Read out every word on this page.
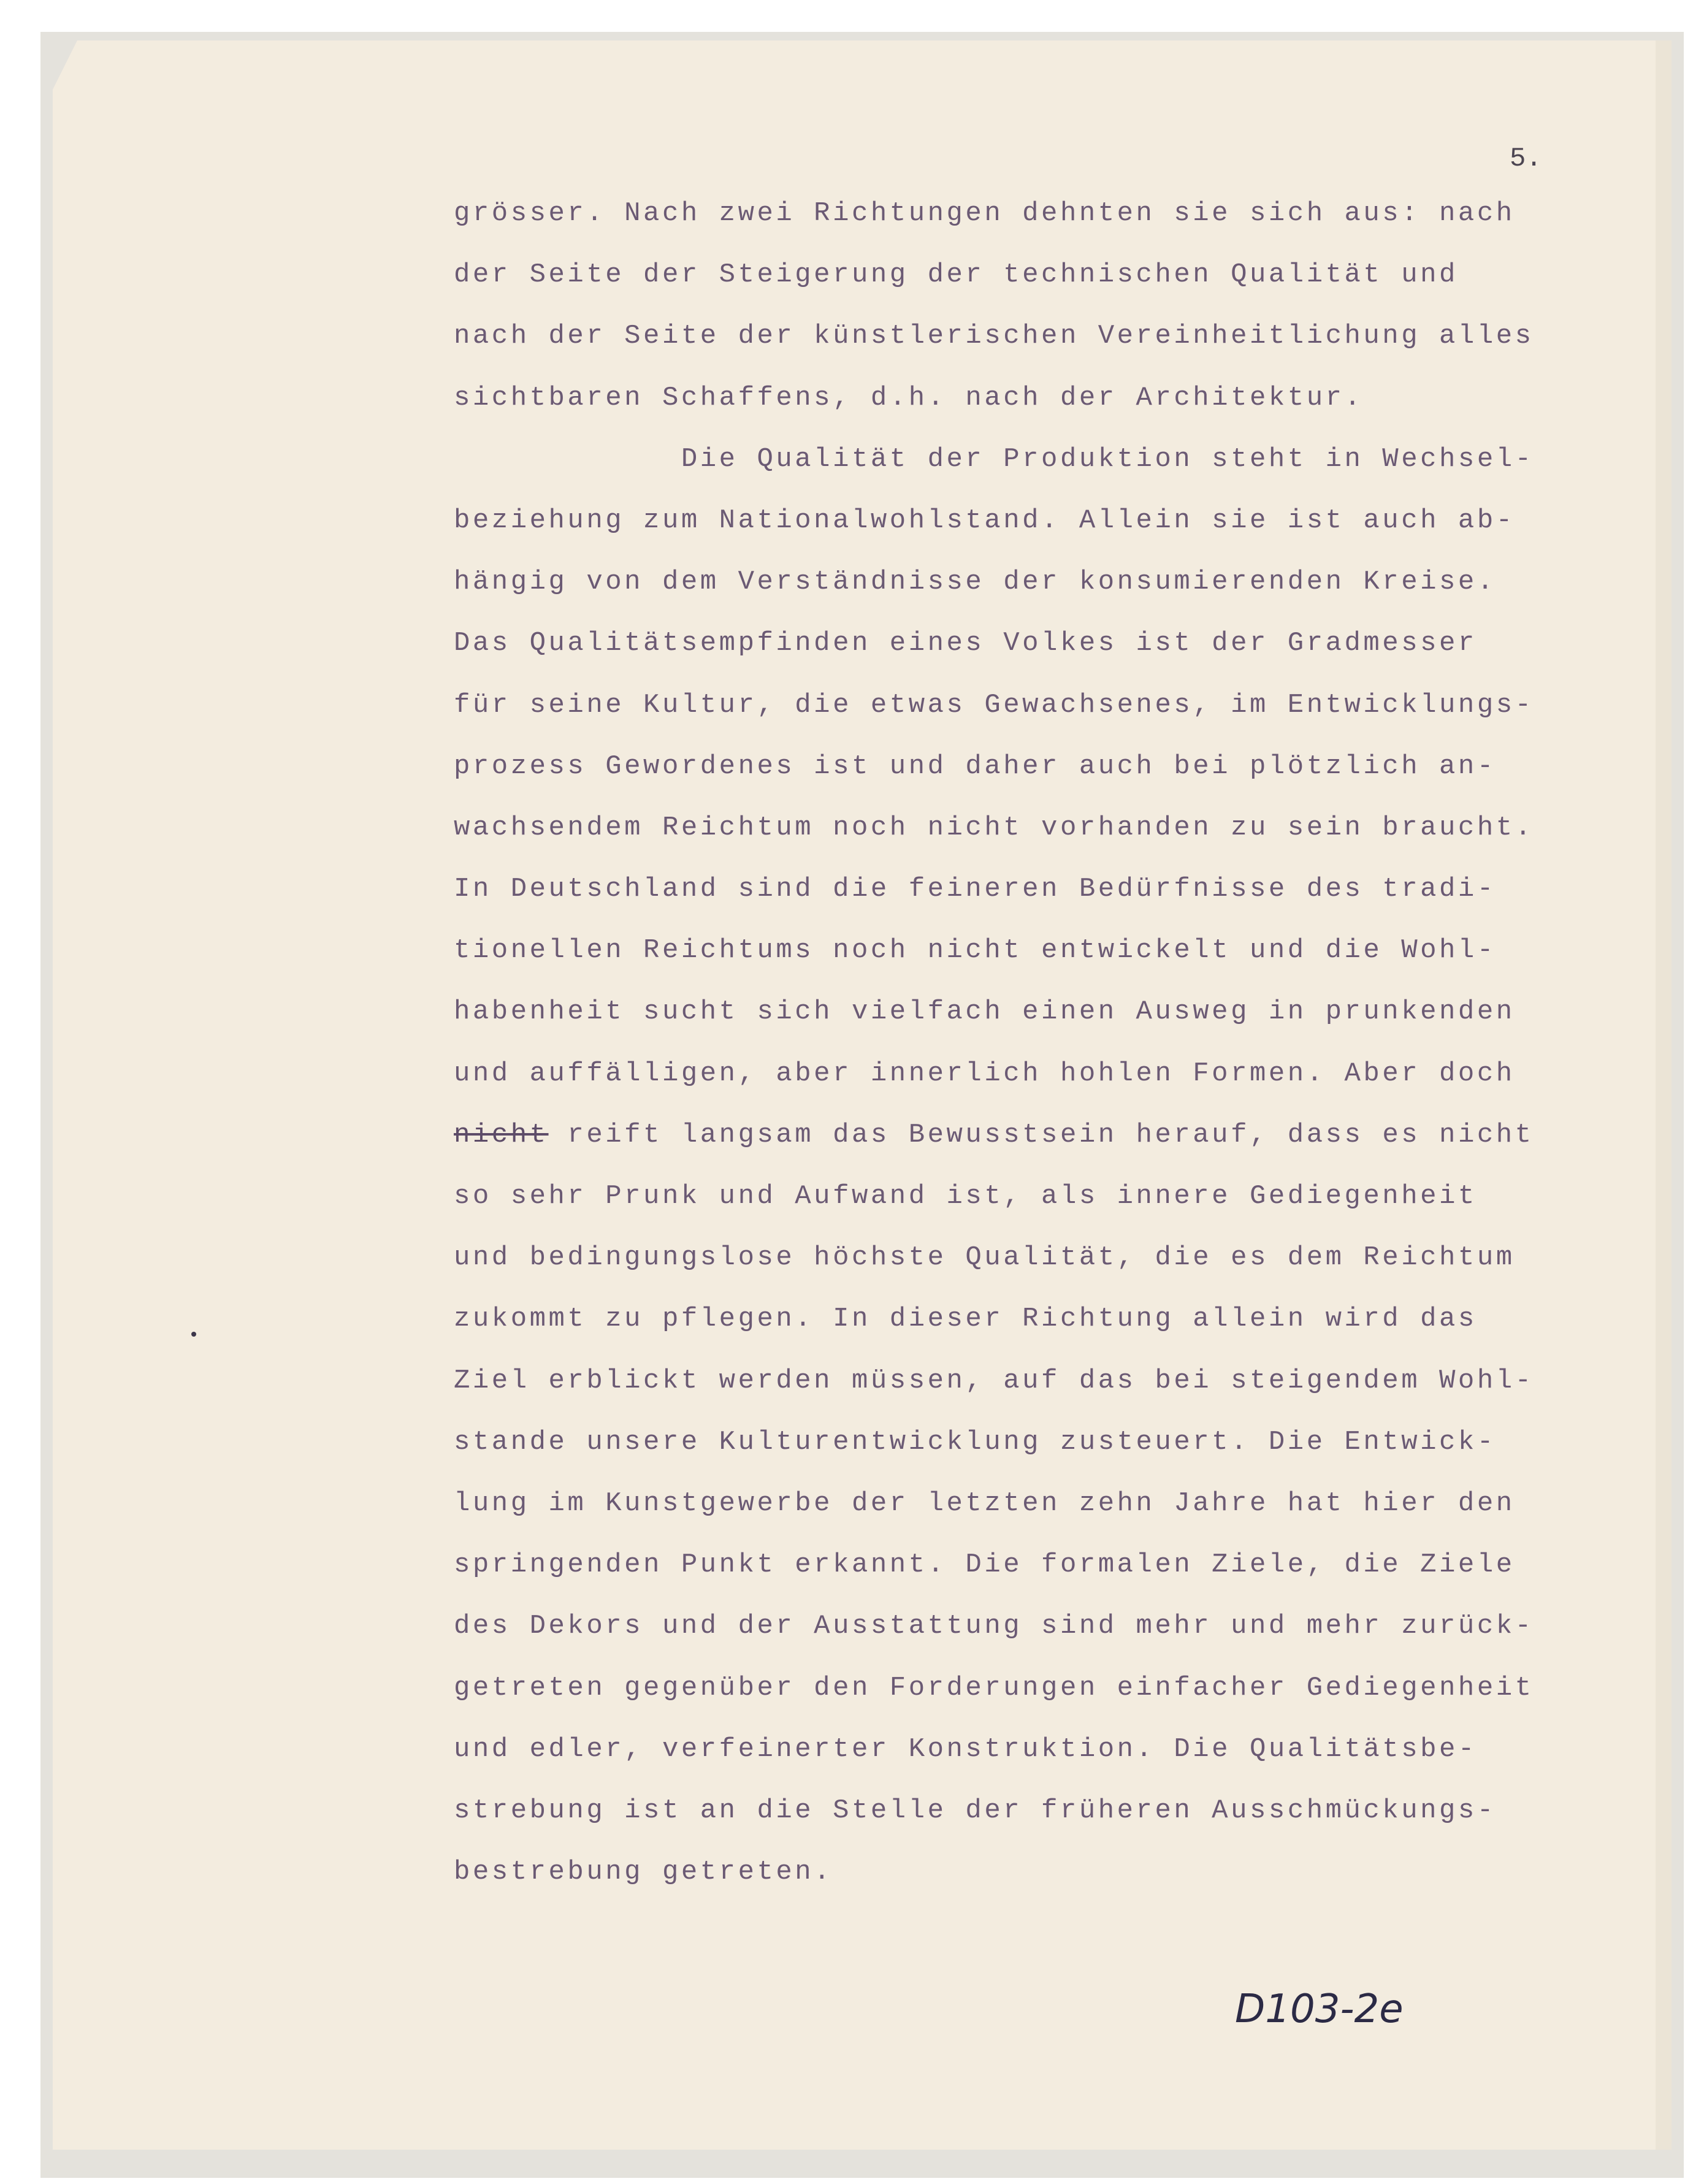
5.
grösser. Nach zwei Richtungen dehnten sie sich aus: nach
der Seite der Steigerung der technischen Qualität und
nach der Seite der künstlerischen Vereinheitlichung alles
sichtbaren Schaffens, d.h. nach der Architektur.
Die Qualität der Produktion steht in Wechsel-
beziehung zum Nationalwohlstand. Allein sie ist auch ab-
hängig von dem Verständnisse der konsumierenden Kreise.
Das Qualitätsempfinden eines Volkes ist der Gradmesser
für seine Kultur, die etwas Gewachsenes, im Entwicklungs-
prozess Gewordenes ist und daher auch bei plötzlich an-
wachsendem Reichtum noch nicht vorhanden zu sein braucht.
In Deutschland sind die feineren Bedürfnisse des tradi-
tionellen Reichtums noch nicht entwickelt und die Wohl-
habenheit sucht sich vielfach einen Ausweg in prunkenden
und auffälligen, aber innerlich hohlen Formen. Aber doch
nicht reift langsam das Bewusstsein herauf, dass es nicht
so sehr Prunk und Aufwand ist, als innere Gediegenheit
und bedingungslose höchste Qualität, die es dem Reichtum
zukommt zu pflegen. In dieser Richtung allein wird das
Ziel erblickt werden müssen, auf das bei steigendem Wohl-
stande unsere Kulturentwicklung zusteuert. Die Entwick-
lung im Kunstgewerbe der letzten zehn Jahre hat hier den
springenden Punkt erkannt. Die formalen Ziele, die Ziele
des Dekors und der Ausstattung sind mehr und mehr zurück-
getreten gegenüber den Forderungen einfacher Gediegenheit
und edler, verfeinerter Konstruktion. Die Qualitätsbe-
strebung ist an die Stelle der früheren Ausschmückungs-
bestrebung getreten.
D103-2e
